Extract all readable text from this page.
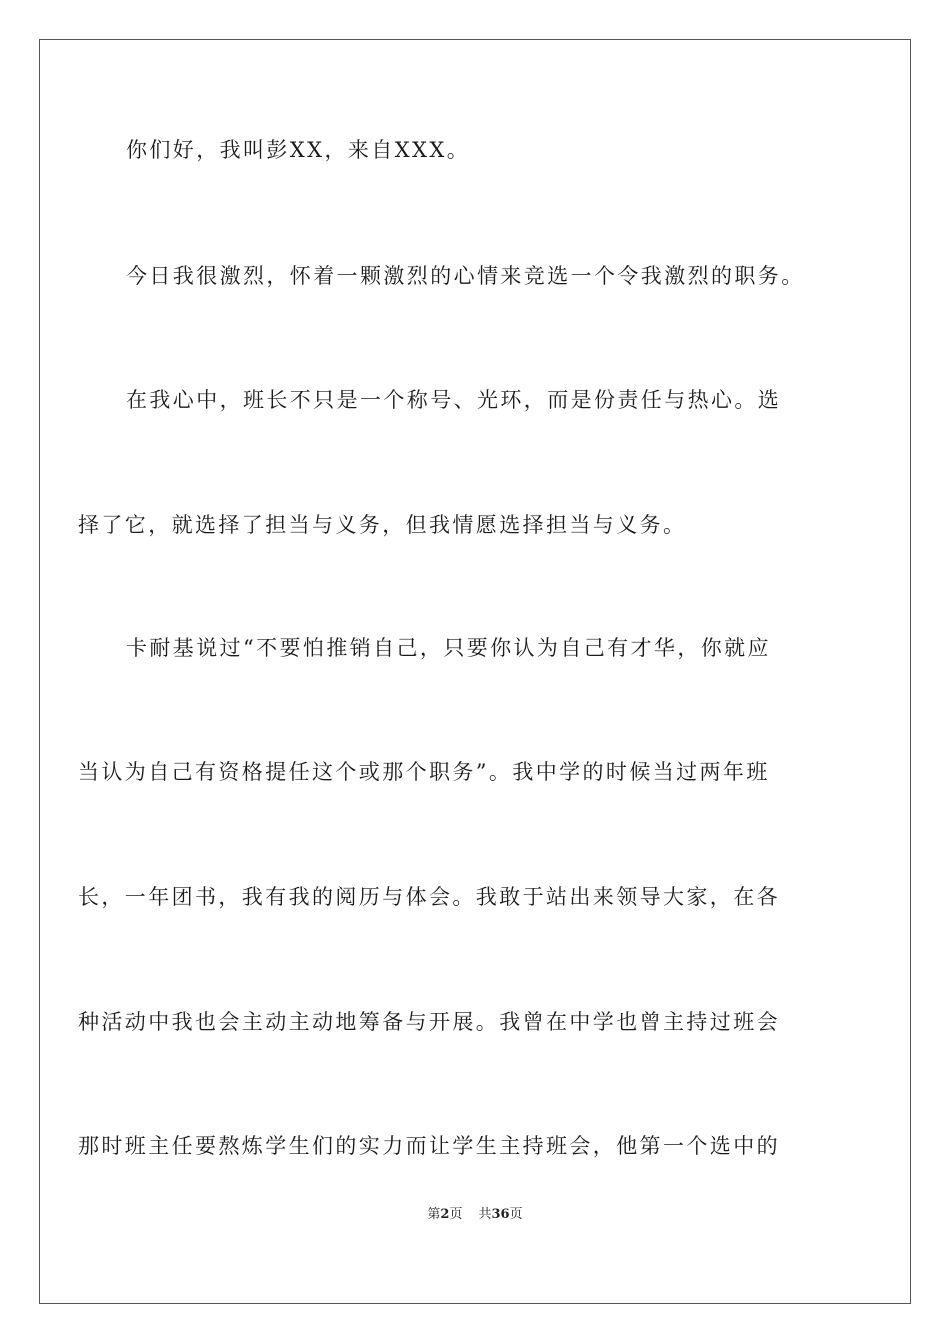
你们好，我叫彭XX，来自XXX。
今日我很激烈，怀着一颗激烈的心情来竞选一个令我激烈的职务。
在我心中，班长不只是一个称号、光环，而是份责任与热心。选
择了它，就选择了担当与义务，但我情愿选择担当与义务。
卡耐基说过“不要怕推销自己，只要你认为自己有才华，你就应
当认为自己有资格提任这个或那个职务”。我中学的时候当过两年班
长，一年团书，我有我的阅历与体会。我敢于站出来领导大家，在各
种活动中我也会主动主动地筹备与开展。我曾在中学也曾主持过班会
那时班主任要熬炼学生们的实力而让学生主持班会，他第一个选中的
第2页 共36页
